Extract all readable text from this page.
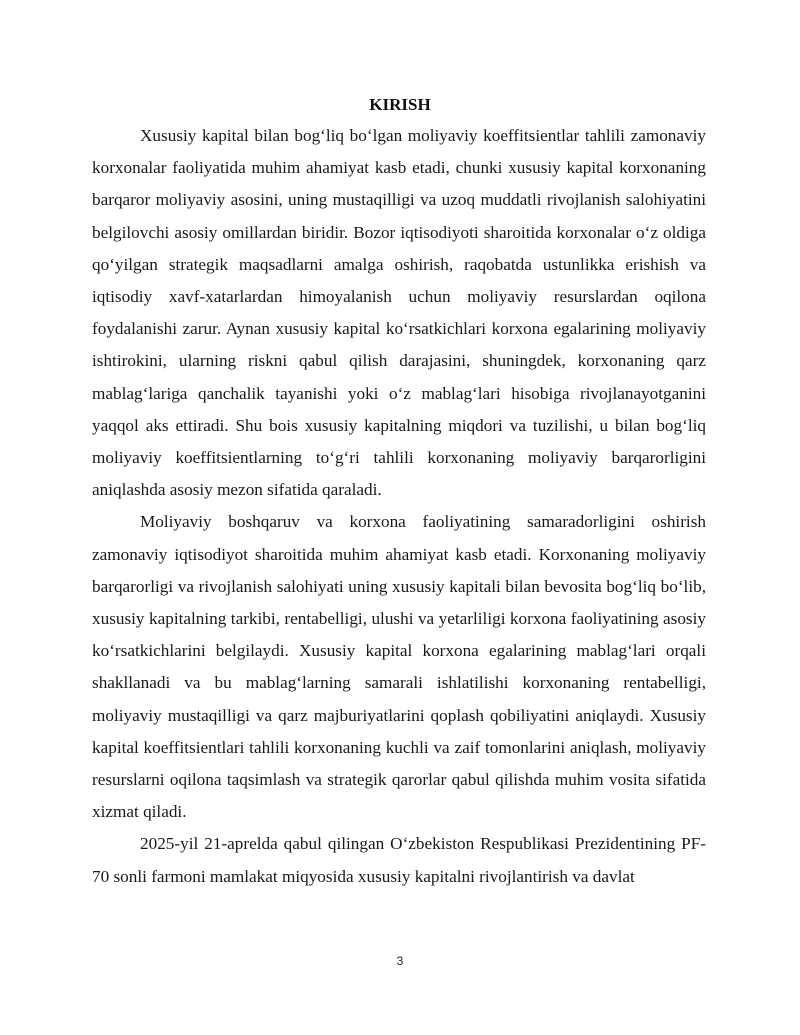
KIRISH

Xususiy kapital bilan bog‘liq bo‘lgan moliyaviy koeffitsientlar tahlili zamonaviy korxonalar faoliyatida muhim ahamiyat kasb etadi, chunki xususiy kapital korxonaning barqaror moliyaviy asosini, uning mustaqilligi va uzoq muddatli rivojlanish salohiyatini belgilovchi asosiy omillardan biridir. Bozor iqtisodiyoti sharoitida korxonalar o‘z oldiga qo‘yilgan strategik maqsadlarni amalga oshirish, raqobatda ustunlikka erishish va iqtisodiy xavf-xatarlardan himoyalanish uchun moliyaviy resurslardan oqilona foydalanishi zarur. Aynan xususiy kapital ko‘rsatkichlari korxona egalarining moliyaviy ishtirokini, ularning riskni qabul qilish darajasini, shuningdek, korxonaning qarz mablag‘lariga qanchalik tayanishi yoki o‘z mablag‘lari hisobiga rivojlanayotganini yaqqol aks ettiradi. Shu bois xususiy kapitalning miqdori va tuzilishi, u bilan bog‘liq moliyaviy koeffitsientlarning to‘g‘ri tahlili korxonaning moliyaviy barqarorligini aniqlashda asosiy mezon sifatida qaraladi.

Moliyaviy boshqaruv va korxona faoliyatining samaradorligini oshirish zamonaviy iqtisodiyot sharoitida muhim ahamiyat kasb etadi. Korxonaning moliyaviy barqarorligi va rivojlanish salohiyati uning xususiy kapitali bilan bevosita bog‘liq bo‘lib, xususiy kapitalning tarkibi, rentabelligi, ulushi va yetarliligi korxona faoliyatining asosiy ko‘rsatkichlarini belgilaydi. Xususiy kapital korxona egalarining mablag‘lari orqali shakllanadi va bu mablag‘larning samarali ishlatilishi korxonaning rentabelligi, moliyaviy mustaqilligi va qarz majburiyatlarini qoplash qobiliyatini aniqlaydi. Xususiy kapital koeffitsientlari tahlili korxonaning kuchli va zaif tomonlarini aniqlash, moliyaviy resurslarni oqilona taqsimlash va strategik qarorlar qabul qilishda muhim vosita sifatida xizmat qiladi.

2025-yil 21-aprelda qabul qilingan O‘zbekiston Respublikasi Prezidentining PF-70 sonli farmoni mamlakat miqyosida xususiy kapitalni rivojlantirish va davlat

3
